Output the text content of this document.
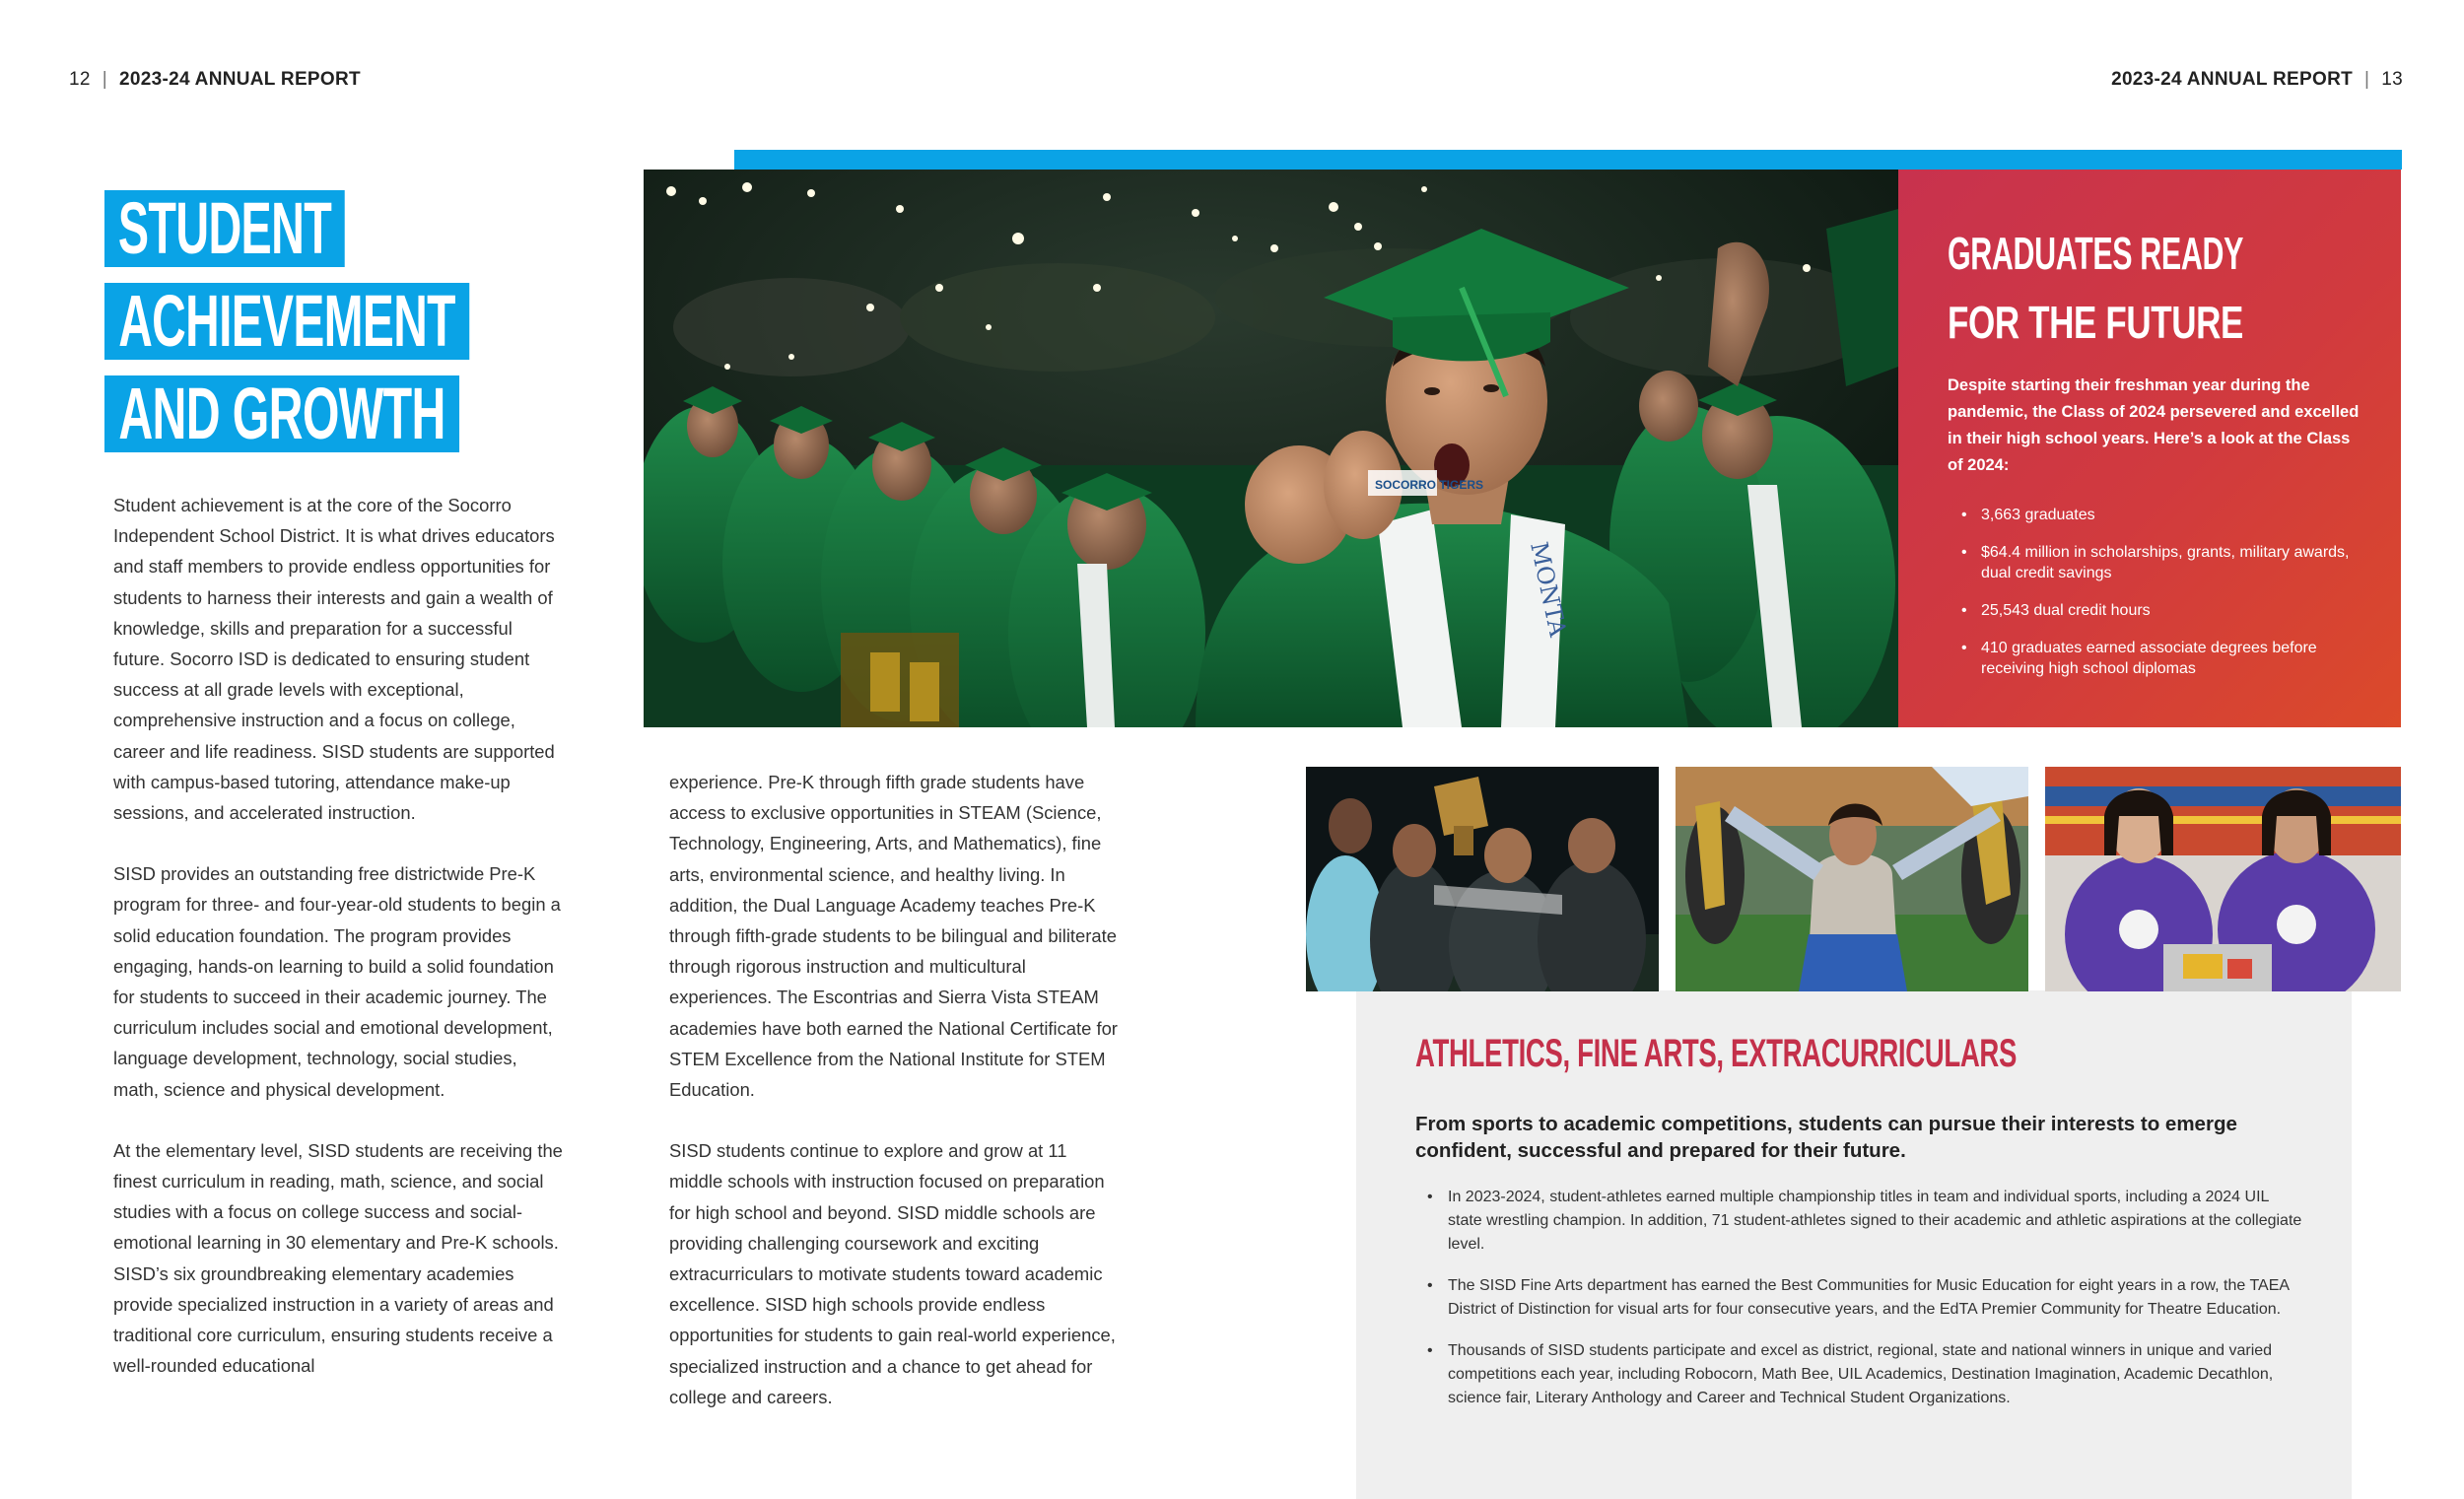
12 | 2023-24 ANNUAL REPORT	2023-24 ANNUAL REPORT | 13
STUDENT
ACHIEVEMENT
AND GROWTH

Student achievement is at the core of the Socorro Independent School District. It is what drives educators and staff members to provide endless opportunities for students to harness their interests and gain a wealth of knowledge, skills and preparation for a successful future. Socorro ISD is dedicated to ensuring student success at all grade levels with exceptional, comprehensive instruction and a focus on college, career and life readiness. SISD students are supported with campus-based tutoring, attendance make-up sessions, and accelerated instruction.

SISD provides an outstanding free districtwide Pre-K program for three- and four-year-old students to begin a solid education foundation. The program provides engaging, hands-on learning to build a solid foundation for students to succeed in their academic journey. The curriculum includes social and emotional development, language development, technology, social studies, math, science and physical development.

At the elementary level, SISD students are receiving the finest curriculum in reading, math, science, and social studies with a focus on college success and social-emotional learning in 30 elementary and Pre-K schools. SISD’s six groundbreaking elementary academies provide specialized instruction in a variety of areas and traditional core curriculum, ensuring students receive a well-rounded educational

experience. Pre-K through fifth grade students have access to exclusive opportunities in STEAM (Science, Technology, Engineering, Arts, and Mathematics), fine arts, environmental science, and healthy living. In addition, the Dual Language Academy teaches Pre-K through fifth-grade students to be bilingual and biliterate through rigorous instruction and multicultural experiences. The Escontrias and Sierra Vista STEAM academies have both earned the National Certificate for STEM Excellence from the National Institute for STEM Education.

SISD students continue to explore and grow at 11 middle schools with instruction focused on preparation for high school and beyond. SISD middle schools are providing challenging coursework and exciting extracurriculars to motivate students toward academic excellence. SISD high schools provide endless opportunities for students to gain real-world experience, specialized instruction and a chance to get ahead for college and careers.

MONTA
SOCORRO TIGERS
GRADUATES READY FOR THE FUTURE
Despite starting their freshman year during the pandemic, the Class of 2024 persevered and excelled in their high school years. Here’s a look at the Class of 2024:
• 3,663 graduates
• $64.4 million in scholarships, grants, military awards, dual credit savings
• 25,543 dual credit hours
• 410 graduates earned associate degrees before receiving high school diplomas
ATHLETICS, FINE ARTS, EXTRACURRICULARS
From sports to academic competitions, students can pursue their interests to emerge confident, successful and prepared for their future.
• In 2023-2024, student-athletes earned multiple championship titles in team and individual sports, including a 2024 UIL state wrestling champion. In addition, 71 student-athletes signed to their academic and athletic aspirations at the collegiate level.
• The SISD Fine Arts department has earned the Best Communities for Music Education for eight years in a row, the TAEA District of Distinction for visual arts for four consecutive years, and the EdTA Premier Community for Theatre Education.
• Thousands of SISD students participate and excel as district, regional, state and national winners in unique and varied competitions each year, including Robocorn, Math Bee, UIL Academics, Destination Imagination, Academic Decathlon, science fair, Literary Anthology and Career and Technical Student Organizations.
